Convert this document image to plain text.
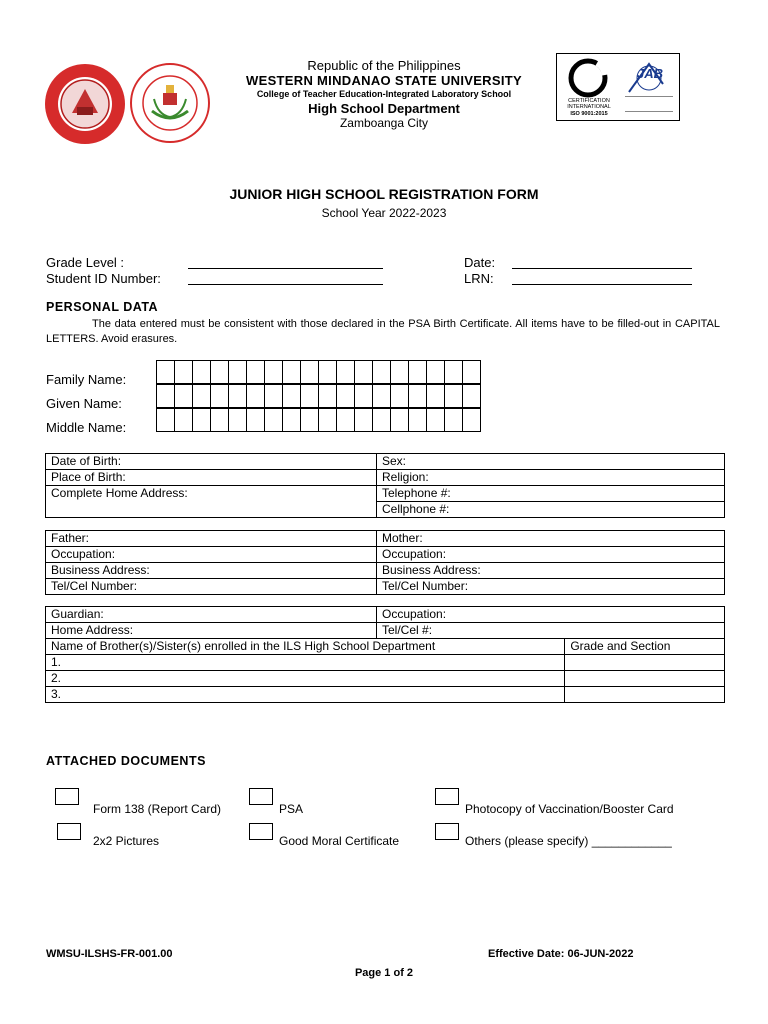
CERTIFICATION INTERNATIONAL
ISO 9001:2015
JAB
Republic of the Philippines
WESTERN MINDANAO STATE UNIVERSITY
College of Teacher Education-Integrated Laboratory School
High School Department
Zamboanga City
JUNIOR HIGH SCHOOL REGISTRATION FORM
School Year 2022-2023
Grade Level :
Student ID Number:
Date:
LRN:
PERSONAL DATA
The data entered must be consistent with those declared in the PSA Birth Certificate. All items have to be filled-out in CAPITAL LETTERS. Avoid erasures.
Family Name:
Given Name:
Middle Name:
Date of Birth:	Sex:
Place of Birth:	Religion:
Complete Home Address:	Telephone #:
	Cellphone #:
Father:	Mother:
Occupation:	Occupation:
Business Address:	Business Address:
Tel/Cel Number:	Tel/Cel Number:
Guardian:	Occupation:	
Home Address:	Tel/Cel #:	
Name of Brother(s)/Sister(s) enrolled in the ILS High School Department		Grade and Section
1.		
2.		
3.		
ATTACHED DOCUMENTS
Form 138 (Report Card)	PSA	Photocopy of Vaccination/Booster Card
2x2 Pictures	Good Moral Certificate	Others (please specify) ____________
WMSU-ILSHS-FR-001.00	Effective Date: 06-JUN-2022
Page 1 of 2
